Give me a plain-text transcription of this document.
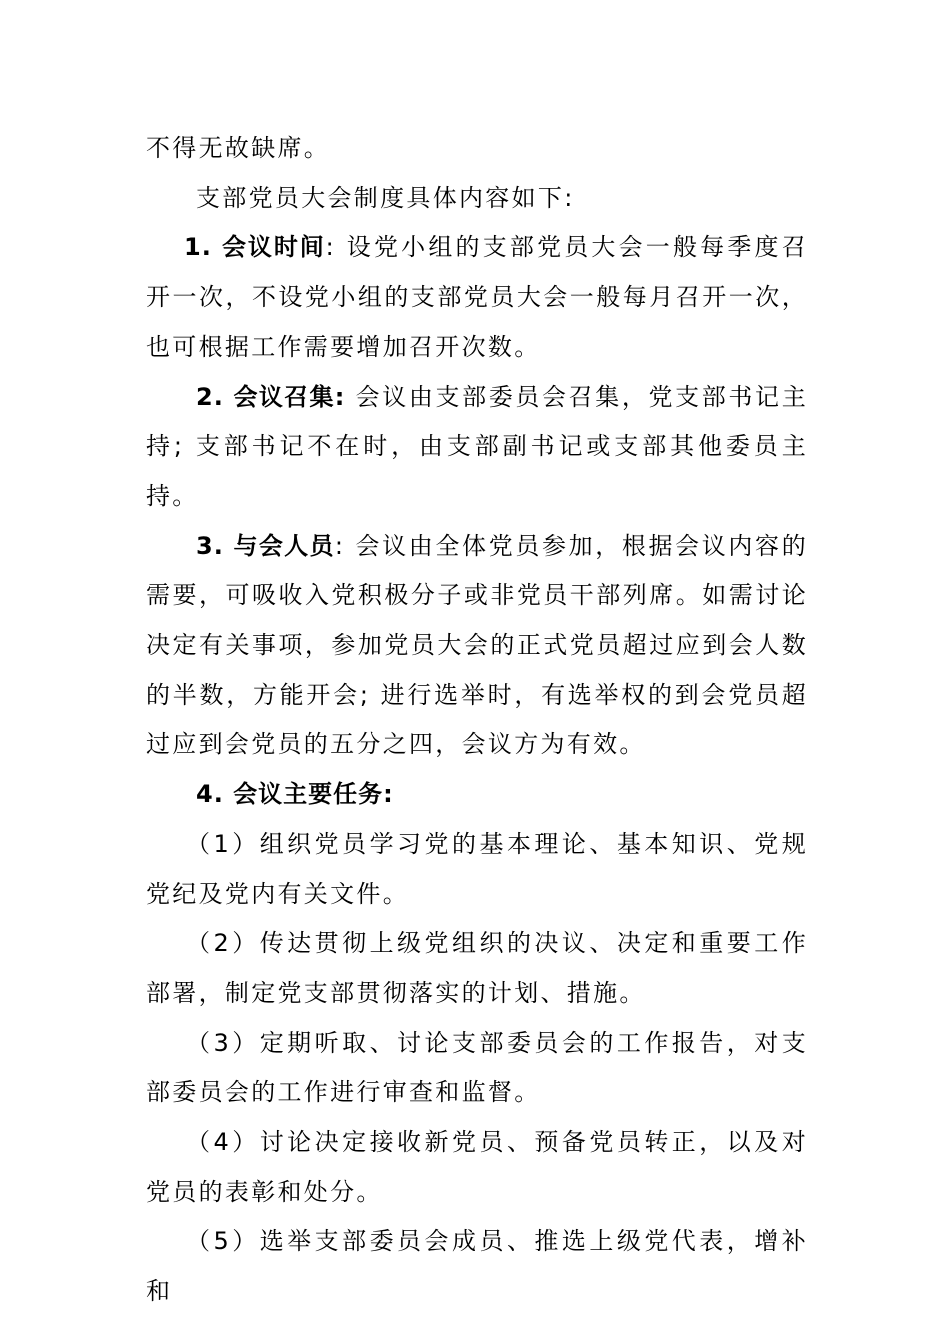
不得无故缺席。

支部党员大会制度具体内容如下:

1. 会议时间: 设党小组的支部党员大会一般每季度召开一次，不设党小组的支部党员大会一般每月召开一次，也可根据工作需要增加召开次数。

2. 会议召集: 会议由支部委员会召集，党支部书记主持; 支部书记不在时，由支部副书记或支部其他委员主持。

3. 与会人员: 会议由全体党员参加，根据会议内容的需要，可吸收入党积极分子或非党员干部列席。如需讨论决定有关事项，参加党员大会的正式党员超过应到会人数的半数，方能开会; 进行选举时，有选举权的到会党员超过应到会党员的五分之四，会议方为有效。

4. 会议主要任务:

（1）组织党员学习党的基本理论、基本知识、党规党纪及党内有关文件。

（2）传达贯彻上级党组织的决议、决定和重要工作部署，制定党支部贯彻落实的计划、措施。

（3）定期听取、讨论支部委员会的工作报告，对支部委员会的工作进行审查和监督。

（4）讨论决定接收新党员、预备党员转正，以及对党员的表彰和处分。

（5）选举支部委员会成员、推选上级党代表，增补和
